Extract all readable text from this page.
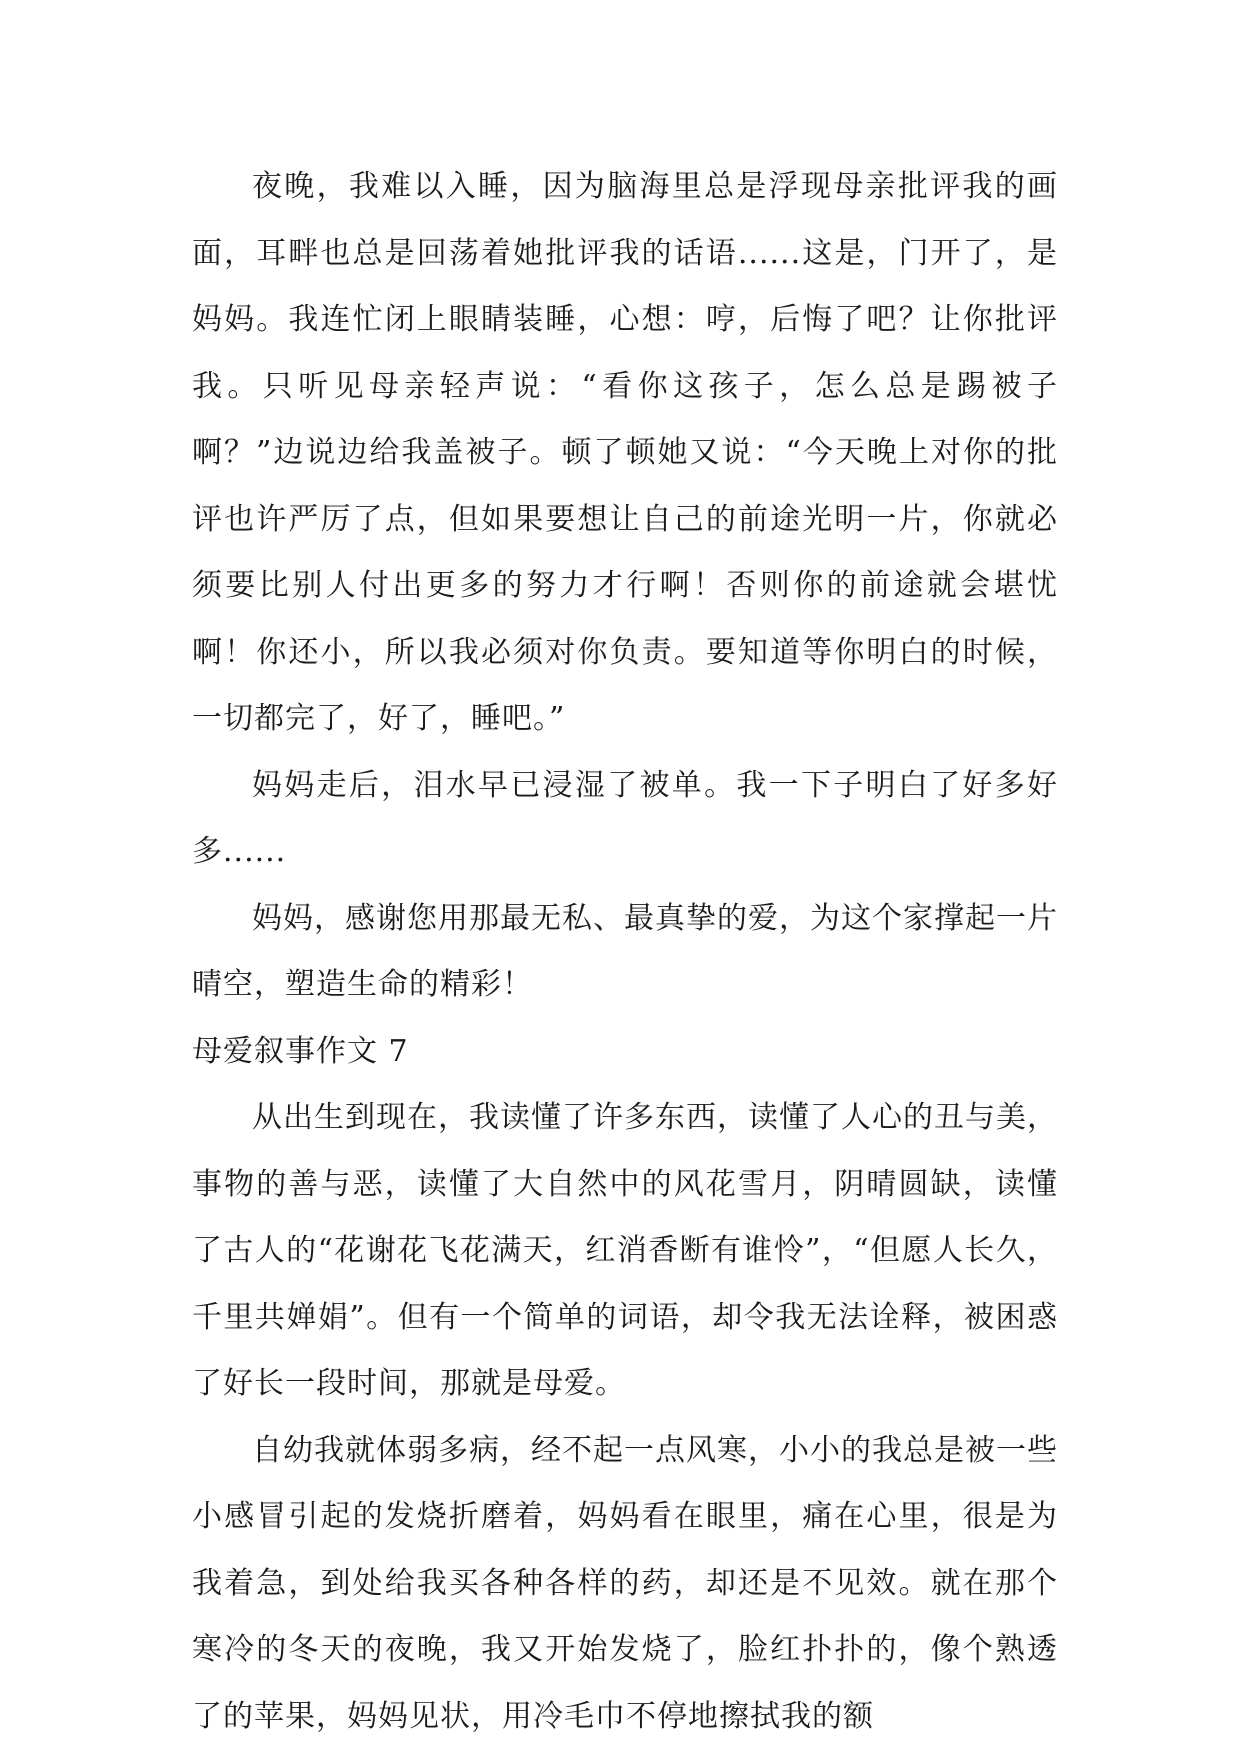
夜晚，我难以入睡，因为脑海里总是浮现母亲批评我的画面，耳畔也总是回荡着她批评我的话语......这是，门开了，是妈妈。我连忙闭上眼睛装睡，心想：哼，后悔了吧？让你批评我。只听见母亲轻声说：“看你这孩子，怎么总是踢被子啊？”边说边给我盖被子。顿了顿她又说：“今天晚上对你的批评也许严厉了点，但如果要想让自己的前途光明一片，你就必须要比别人付出更多的努力才行啊！否则你的前途就会堪忧啊！你还小，所以我必须对你负责。要知道等你明白的时候，一切都完了，好了，睡吧。”

妈妈走后，泪水早已浸湿了被单。我一下子明白了好多好多......

妈妈，感谢您用那最无私、最真挚的爱，为这个家撑起一片晴空，塑造生命的精彩！

母爱叙事作文 7

从出生到现在，我读懂了许多东西，读懂了人心的丑与美，事物的善与恶，读懂了大自然中的风花雪月，阴晴圆缺，读懂了古人的“花谢花飞花满天，红消香断有谁怜”，“但愿人长久，千里共婵娟”。但有一个简单的词语，却令我无法诠释，被困惑了好长一段时间，那就是母爱。

自幼我就体弱多病，经不起一点风寒，小小的我总是被一些小感冒引起的发烧折磨着，妈妈看在眼里，痛在心里，很是为我着急，到处给我买各种各样的药，却还是不见效。就在那个寒冷的冬天的夜晚，我又开始发烧了，脸红扑扑的，像个熟透了的苹果，妈妈见状，用冷毛巾不停地擦拭我的额
